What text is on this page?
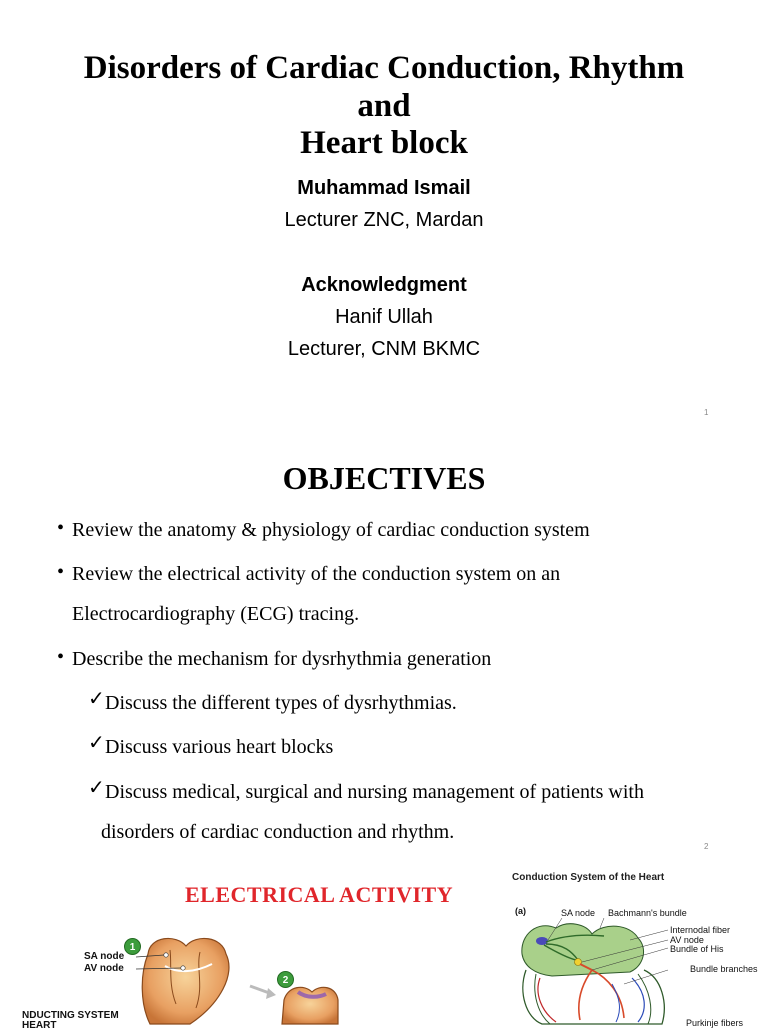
Disorders of Cardiac Conduction, Rhythm
and
Heart block
Muhammad Ismail
Lecturer ZNC, Mardan
Acknowledgment
Hanif Ullah
Lecturer, CNM BKMC
1
OBJECTIVES
• Review the anatomy & physiology of cardiac conduction system
• Review the electrical activity of the conduction system on an
Electrocardiography (ECG) tracing.
• Describe the mechanism for dysrhythmia generation
✓ Discuss the different types of dysrhythmias.
✓ Discuss various heart blocks
✓ Discuss medical, surgical and nursing management of patients with
disorders of cardiac conduction and rhythm.
2
ELECTRICAL ACTIVITY
1
2
SA node
AV node
NDUCTING SYSTEM
HEART
Conduction System of the Heart
(a)	SA node Bachmann's bundle
Internodal fiber
AV node
Bundle of His
Bundle branches
Purkinje fibers
